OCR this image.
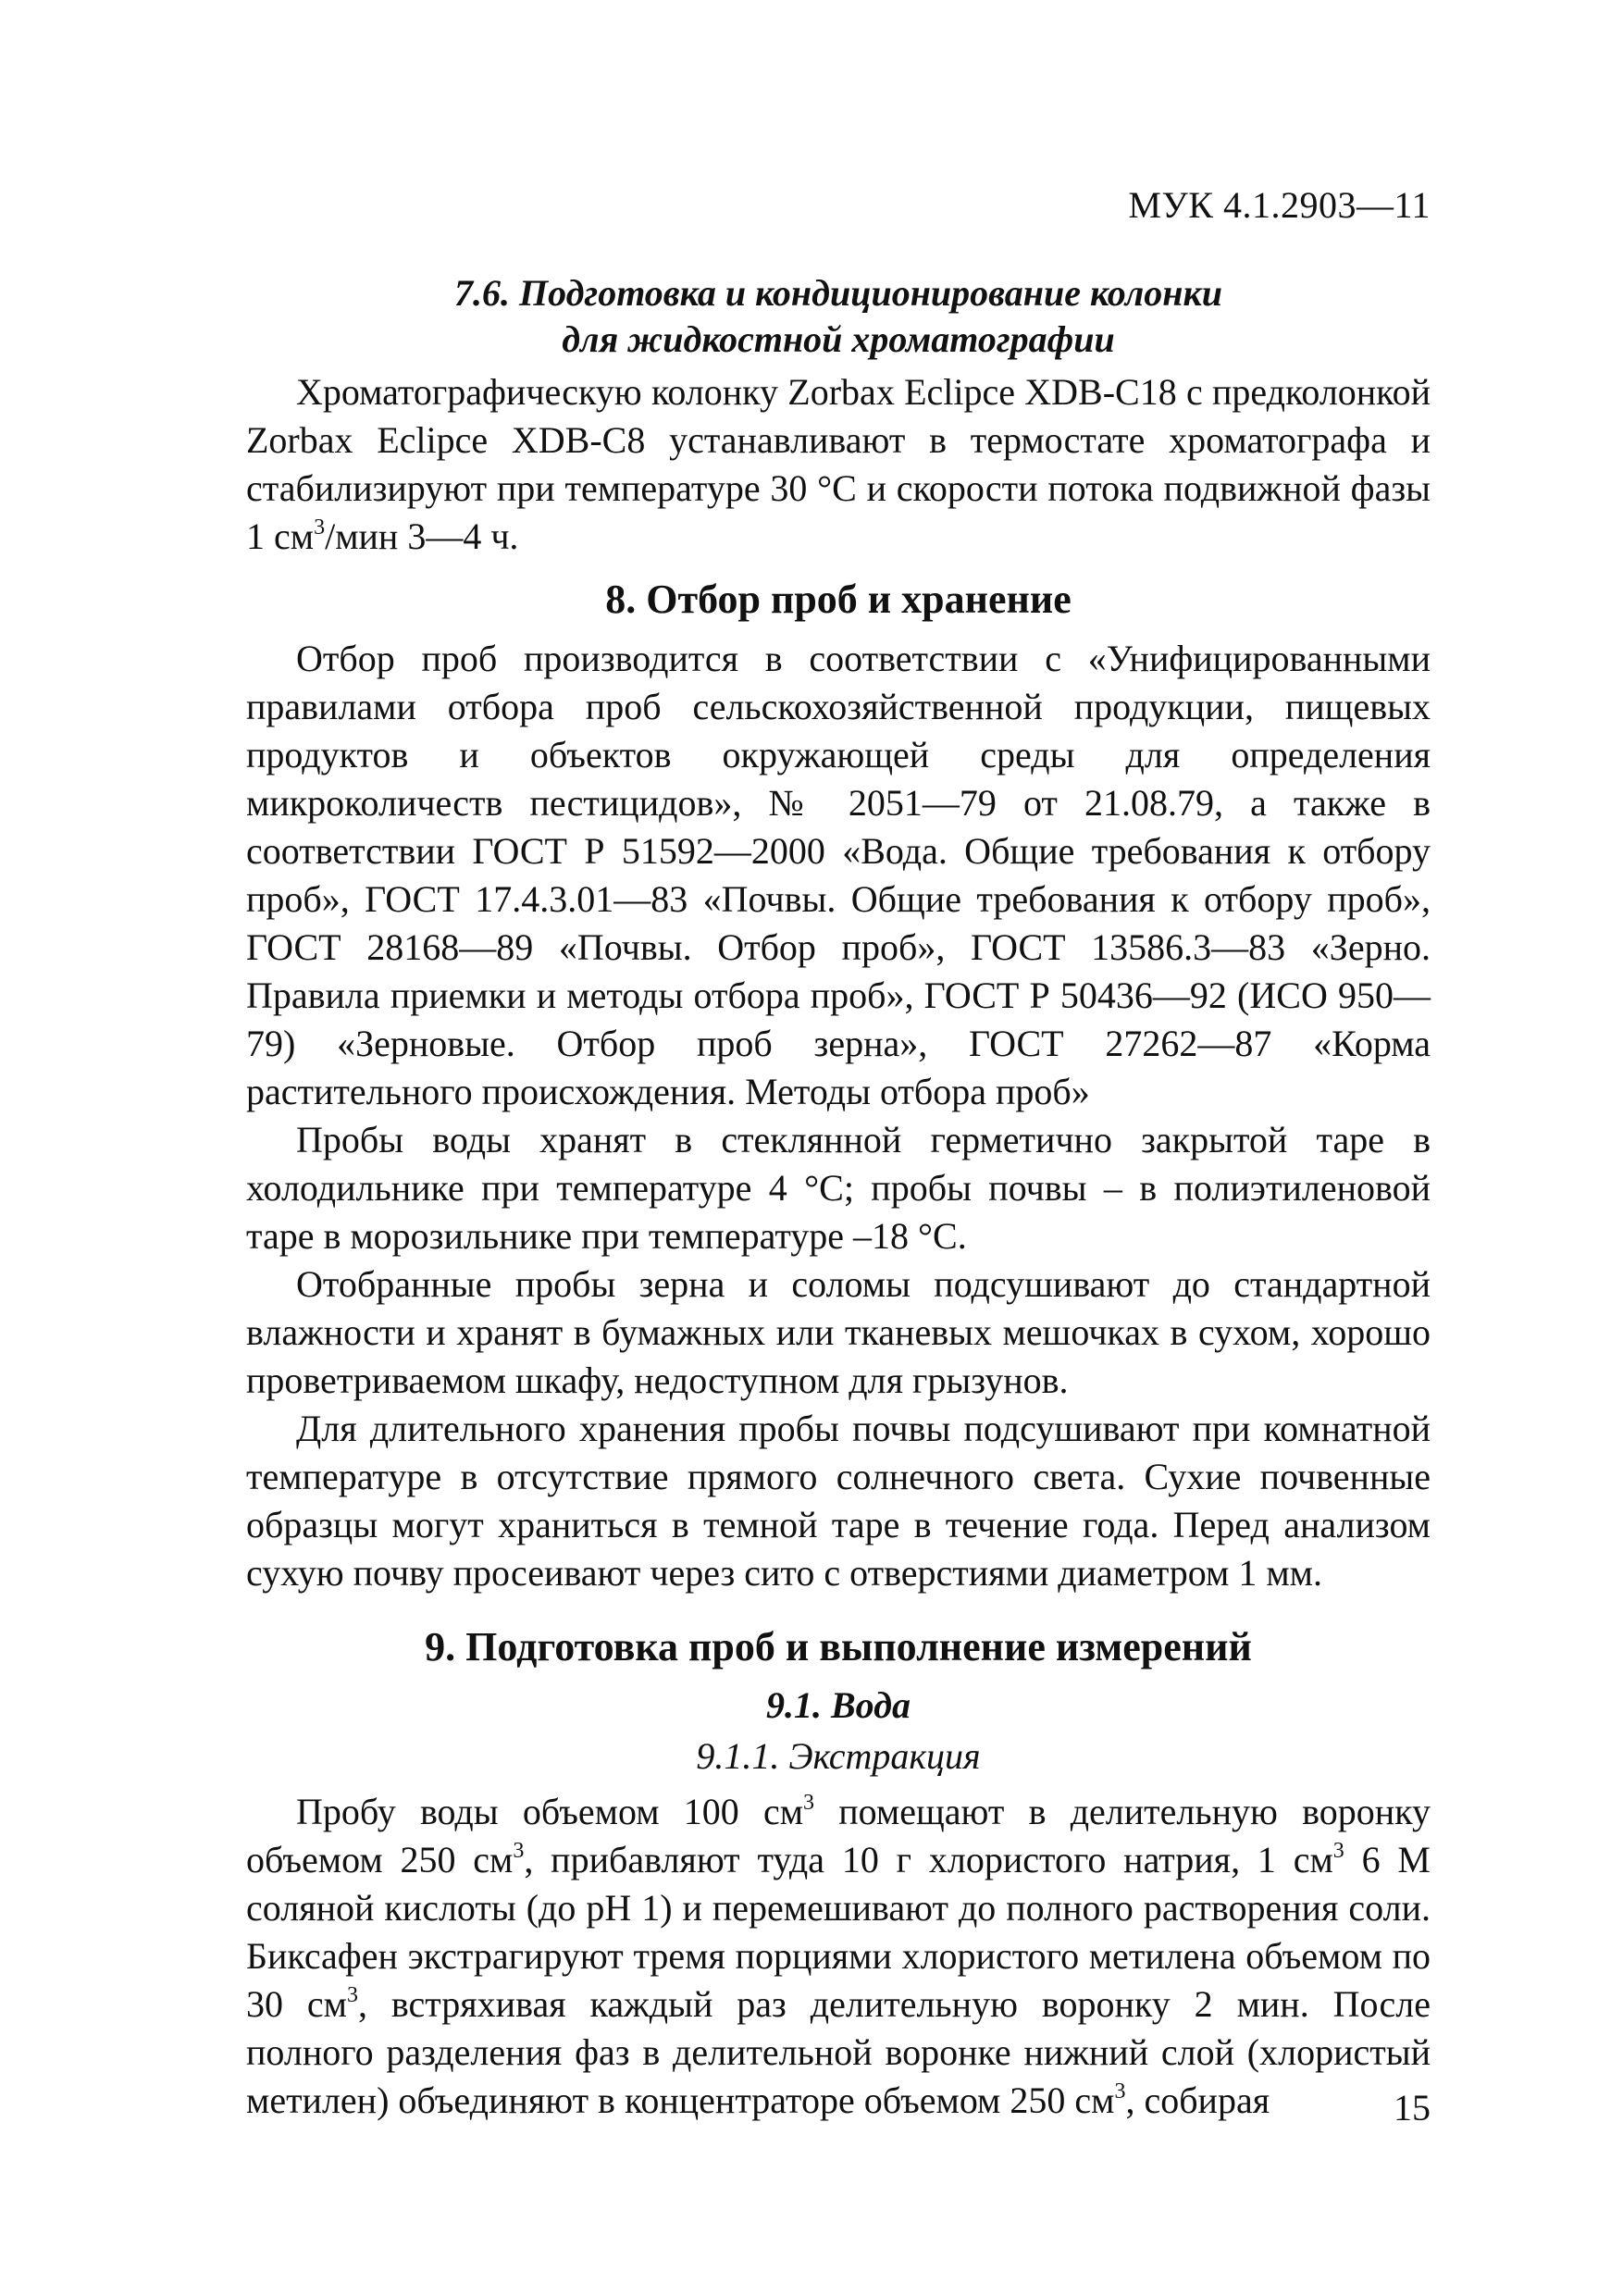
МУК 4.1.2903—11
7.6. Подготовка и кондиционирование колонки
для жидкостной хроматографии

Хроматографическую колонку Zorbax Eclipce XDB-C18 с предколонкой Zorbax Eclipce XDB-C8 устанавливают в термостате хроматографа и стабилизируют при температуре 30 °С и скорости потока подвижной фазы 1 $см^3$/мин 3—4 ч.

8. Отбор проб и хранение

Отбор проб производится в соответствии с «Унифицированными правилами отбора проб сельскохозяйственной продукции, пищевых продуктов и объектов окружающей среды для определения микроколичеств пестицидов», № 2051—79 от 21.08.79, а также в соответствии ГОСТ Р 51592—2000 «Вода. Общие требования к отбору проб», ГОСТ 17.4.3.01—83 «Почвы. Общие требования к отбору проб», ГОСТ 28168—89 «Почвы. Отбор проб», ГОСТ 13586.3—83 «Зерно. Правила приемки и методы отбора проб», ГОСТ Р 50436—92 (ИСО 950—79) «Зерновые. Отбор проб зерна», ГОСТ 27262—87 «Корма растительного происхождения. Методы отбора проб»

Пробы воды хранят в стеклянной герметично закрытой таре в холодильнике при температуре 4 °С; пробы почвы – в полиэтиленовой таре в морозильнике при температуре –18 °С.

Отобранные пробы зерна и соломы подсушивают до стандартной влажности и хранят в бумажных или тканевых мешочках в сухом, хорошо проветриваемом шкафу, недоступном для грызунов.

Для длительного хранения пробы почвы подсушивают при комнатной температуре в отсутствие прямого солнечного света. Сухие почвенные образцы могут храниться в темной таре в течение года. Перед анализом сухую почву просеивают через сито с отверстиями диаметром 1 мм.

9. Подготовка проб и выполнение измерений
9.1. Вода
9.1.1. Экстракция

Пробу воды объемом 100 $см^3$ помещают в делительную воронку объемом 250 $см^3$, прибавляют туда 10 г хлористого натрия, 1 $см^3$ 6 М соляной кислоты (до рН 1) и перемешивают до полного растворения соли. Биксафен экстрагируют тремя порциями хлористого метилена объемом по 30 $см^3$, встряхивая каждый раз делительную воронку 2 мин. После полного разделения фаз в делительной воронке нижний слой (хлористый метилен) объединяют в концентраторе объемом 250 $см^3$, собирая	15
